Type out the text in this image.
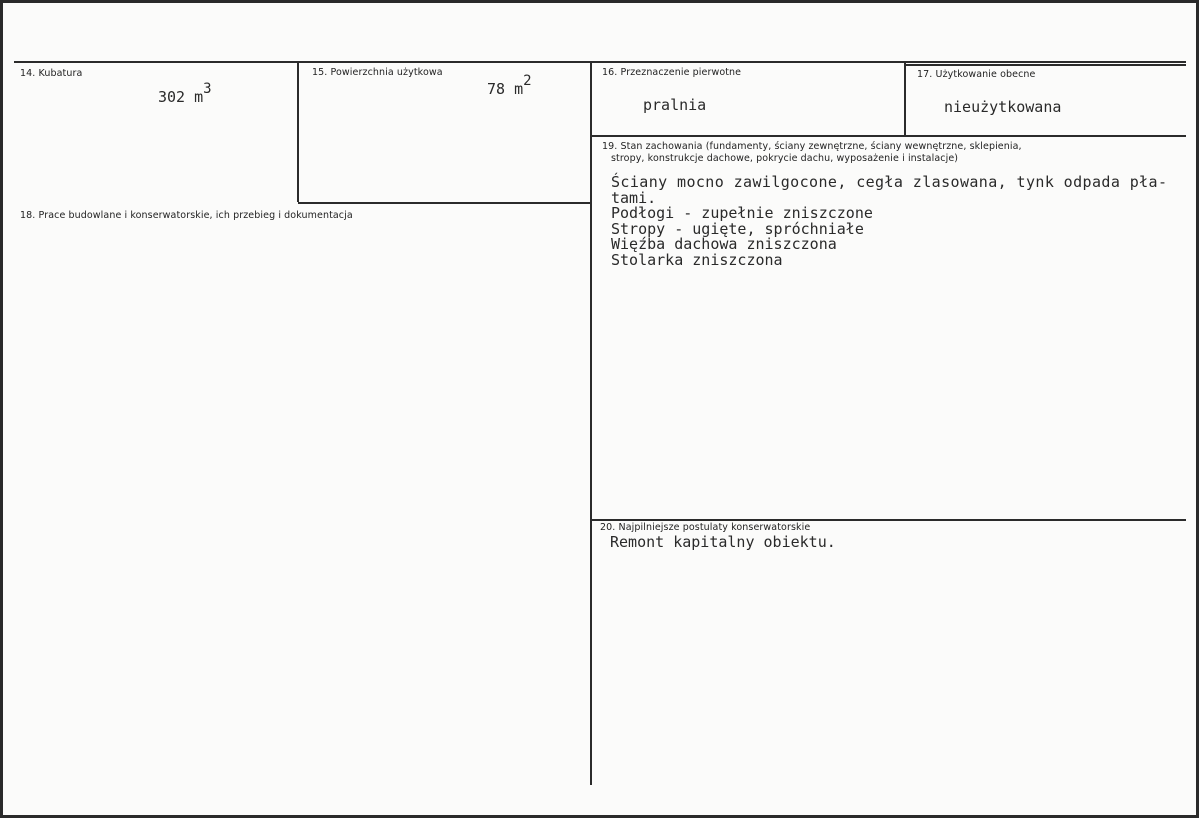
14. Kubatura
302 m3
15. Powierzchnia użytkowa
78 m2
16. Przeznaczenie pierwotne
pralnia
17. Użytkowanie obecne
nieużytkowana
18. Prace budowlane i konserwatorskie, ich przebieg i dokumentacja
19. Stan zachowania (fundamenty, ściany zewnętrzne, ściany wewnętrzne, sklepienia,
stropy, konstrukcje dachowe, pokrycie dachu, wyposażenie i instalacje)
Ściany mocno zawilgocone, cegła zlasowana, tynk odpada pła-
tami.
Podłogi - zupełnie zniszczone
Stropy - ugięte, spróchniałe
Więźba dachowa zniszczona
Stolarka zniszczona
20. Najpilniejsze postulaty konserwatorskie
Remont kapitalny obiektu.
